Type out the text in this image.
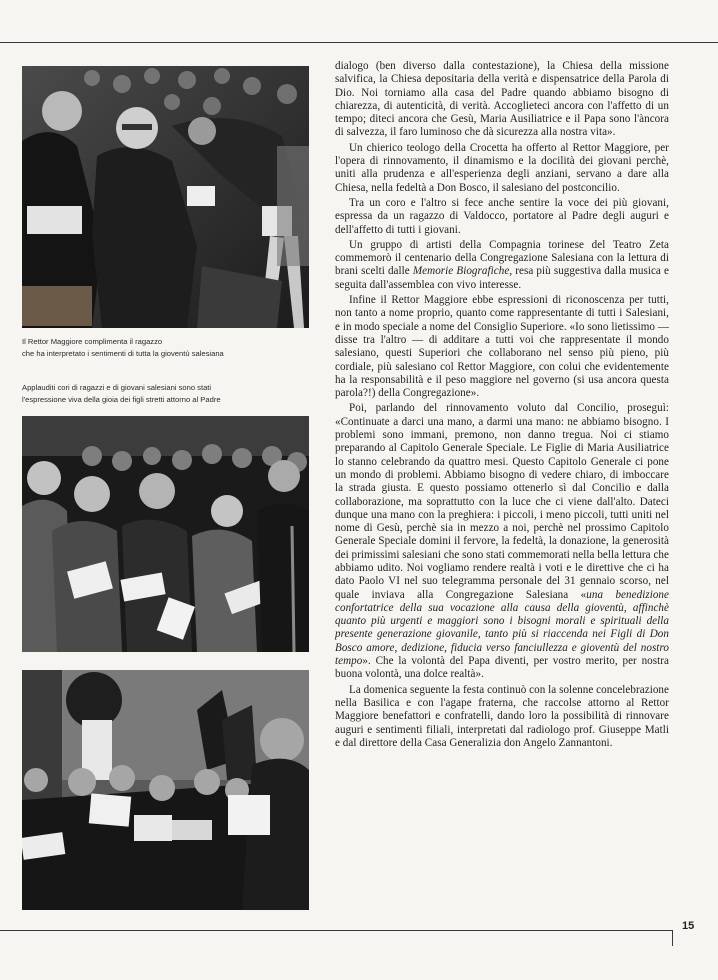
Il Rettor Maggiore complimenta il ragazzo
che ha interpretato i sentimenti di tutta la gioventù salesiana
Applauditi cori di ragazzi e di giovani salesiani sono stati
l'espressione viva della gioia dei figli stretti attorno al Padre

dialogo (ben diverso dalla contestazione), la Chiesa della missione salvifica, la Chiesa depositaria della verità e dispensatrice della Parola di Dio. Noi torniamo alla casa del Padre quando abbiamo bisogno di chiarezza, di autenticità, di verità. Accoglieteci ancora con l'affetto di un tempo; diteci ancora che Gesù, Maria Ausiliatrice e il Papa sono l'àncora di salvezza, il faro luminoso che dà sicurezza alla nostra vita».

Un chierico teologo della Crocetta ha offerto al Rettor Maggiore, per l'opera di rinnovamento, il dinamismo e la docilità dei giovani perchè, uniti alla prudenza e all'esperienza degli anziani, servano a dare alla Chiesa, nella fedeltà a Don Bosco, il salesiano del postconcilio.

Tra un coro e l'altro si fece anche sentire la voce dei più giovani, espressa da un ragazzo di Valdocco, portatore al Padre degli auguri e dell'affetto di tutti i giovani.

Un gruppo di artisti della Compagnia torinese del Teatro Zeta commemorò il centenario della Congregazione Salesiana con la lettura di brani scelti dalle Memorie Biografiche, resa più suggestiva dalla musica e seguita dall'assemblea con vivo interesse.

Infine il Rettor Maggiore ebbe espressioni di riconoscenza per tutti, non tanto a nome proprio, quanto come rappresentante di tutti i Salesiani, e in modo speciale a nome del Consiglio Superiore. «Io sono lietissimo — disse tra l'altro — di additare a tutti voi che rappresentate il mondo salesiano, questi Superiori che collaborano nel senso più pieno, più cordiale, più salesiano col Rettor Maggiore, con colui che evidentemente ha la responsabilità e il peso maggiore nel governo (si usa ancora questa parola?!) della Congregazione».

Poi, parlando del rinnovamento voluto dal Concilio, proseguì: «Continuate a darci una mano, a darmi una mano: ne abbiamo bisogno. I problemi sono immani, premono, non danno tregua. Noi ci stiamo preparando al Capitolo Generale Speciale. Le Figlie di Maria Ausiliatrice lo stanno celebrando da quattro mesi. Questo Capitolo Generale ci pone un mondo di problemi. Abbiamo bisogno di vedere chiaro, di imboccare la strada giusta. E questo possiamo ottenerlo sì dal Concilio e dalla collaborazione, ma soprattutto con la luce che ci viene dall'alto. Dateci dunque una mano con la preghiera: i piccoli, i meno piccoli, tutti uniti nel nome di Gesù, perchè sia in mezzo a noi, perchè nel prossimo Capitolo Generale Speciale domini il fervore, la fedeltà, la donazione, la generosità dei primissimi salesiani che sono stati commemorati nella bella lettura che abbiamo udito. Noi vogliamo rendere realtà i voti e le direttive che ci ha dato Paolo VI nel suo telegramma personale del 31 gennaio scorso, nel quale inviava alla Congregazione Salesiana «una benedizione confortatrice della sua vocazione alla causa della gioventù, affinchè quanto più urgenti e maggiori sono i bisogni morali e spirituali della presente generazione giovanile, tanto più si riaccenda nei Figli di Don Bosco amore, dedizione, fiducia verso fanciullezza e gioventù del nostro tempo». Che la volontà del Papa diventi, per vostro merito, per nostra buona volontà, una dolce realtà».

La domenica seguente la festa continuò con la solenne concelebrazione nella Basilica e con l'agape fraterna, che raccolse attorno al Rettor Maggiore benefattori e confratelli, dando loro la possibilità di rinnovare auguri e sentimenti filiali, interpretati dal radiologo prof. Giuseppe Matli e dal direttore della Casa Generalizia don Angelo Zannantoni.

15
